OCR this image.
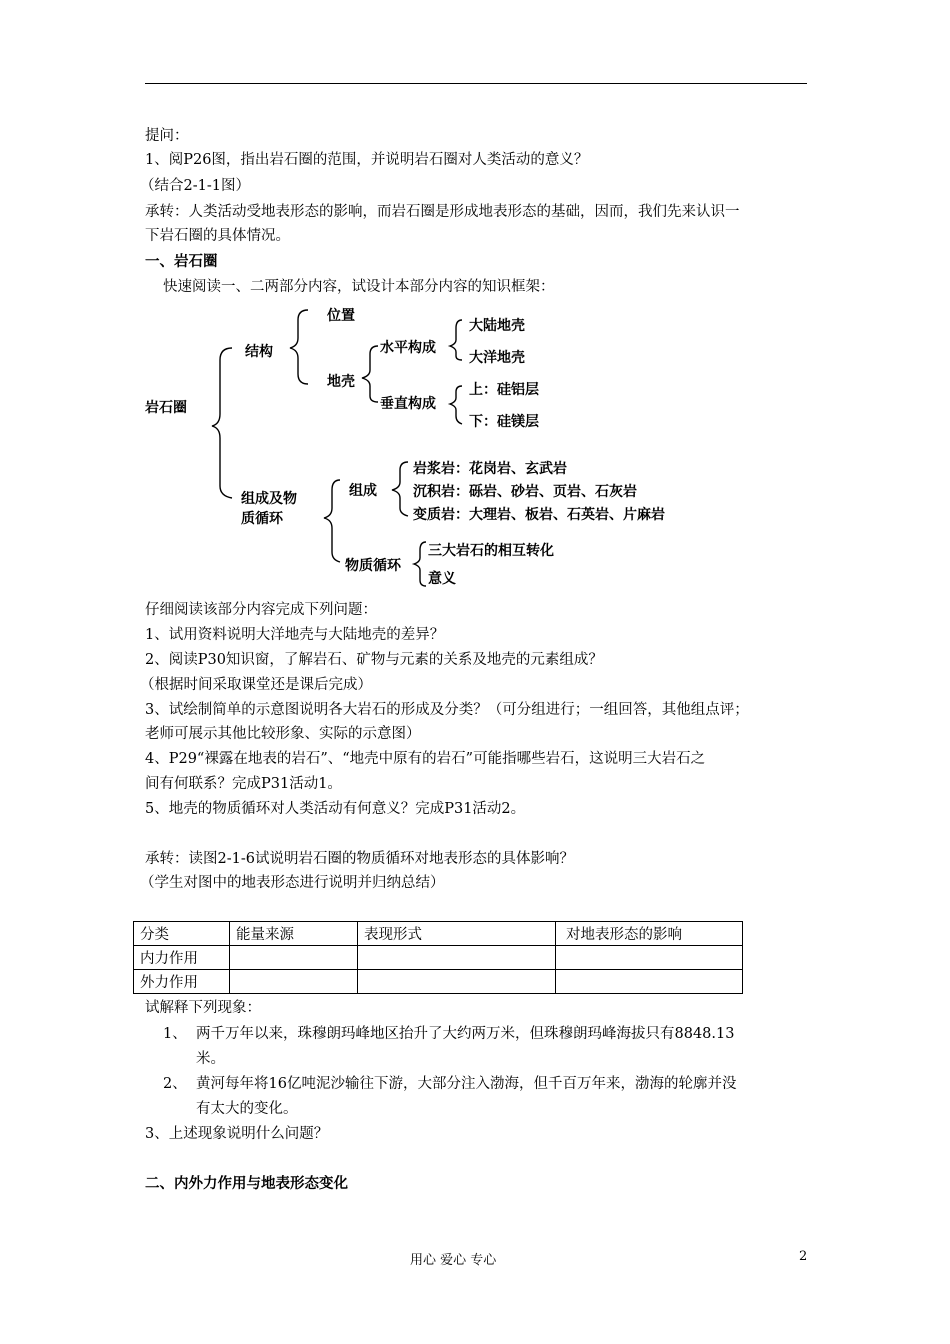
提问：
1、阅P26图，指出岩石圈的范围，并说明岩石圈对人类活动的意义？
（结合2-1-1图）
承转：人类活动受地表形态的影响，而岩石圈是形成地表形态的基础，因而，我们先来认识一
下岩石圈的具体情况。
一、岩石圈
快速阅读一、二两部分内容，试设计本部分内容的知识框架：
岩石圈
结构
位置
地壳
水平构成
大陆地壳
大洋地壳
垂直构成
上：硅铝层
下：硅镁层
组成及物
质循环
组成
岩浆岩：花岗岩、玄武岩
沉积岩：砾岩、砂岩、页岩、石灰岩
变质岩：大理岩、板岩、石英岩、片麻岩
物质循环
三大岩石的相互转化
意义
仔细阅读该部分内容完成下列问题：
1、试用资料说明大洋地壳与大陆地壳的差异？
2、阅读P30知识窗，了解岩石、矿物与元素的关系及地壳的元素组成？
（根据时间采取课堂还是课后完成）
3、试绘制简单的示意图说明各大岩石的形成及分类？（可分组进行；一组回答，其他组点评；
老师可展示其他比较形象、实际的示意图）
4、P29“裸露在地表的岩石”、“地壳中原有的岩石”可能指哪些岩石，这说明三大岩石之
间有何联系？完成P31活动1。
5、地壳的物质循环对人类活动有何意义？完成P31活动2。
承转：读图2-1-6试说明岩石圈的物质循环对地表形态的具体影响？
（学生对图中的地表形态进行说明并归纳总结）
分类	能量来源	表现形式	对地表形态的影响
内力作用			
外力作用			
试解释下列现象：
1、 两千万年以来，珠穆朗玛峰地区抬升了大约两万米，但珠穆朗玛峰海拔只有8848.13
米。
2、 黄河每年将16亿吨泥沙输往下游，大部分注入渤海，但千百万年来，渤海的轮廓并没
有太大的变化。
3、上述现象说明什么问题？
二、内外力作用与地表形态变化
用心 爱心 专心	2
